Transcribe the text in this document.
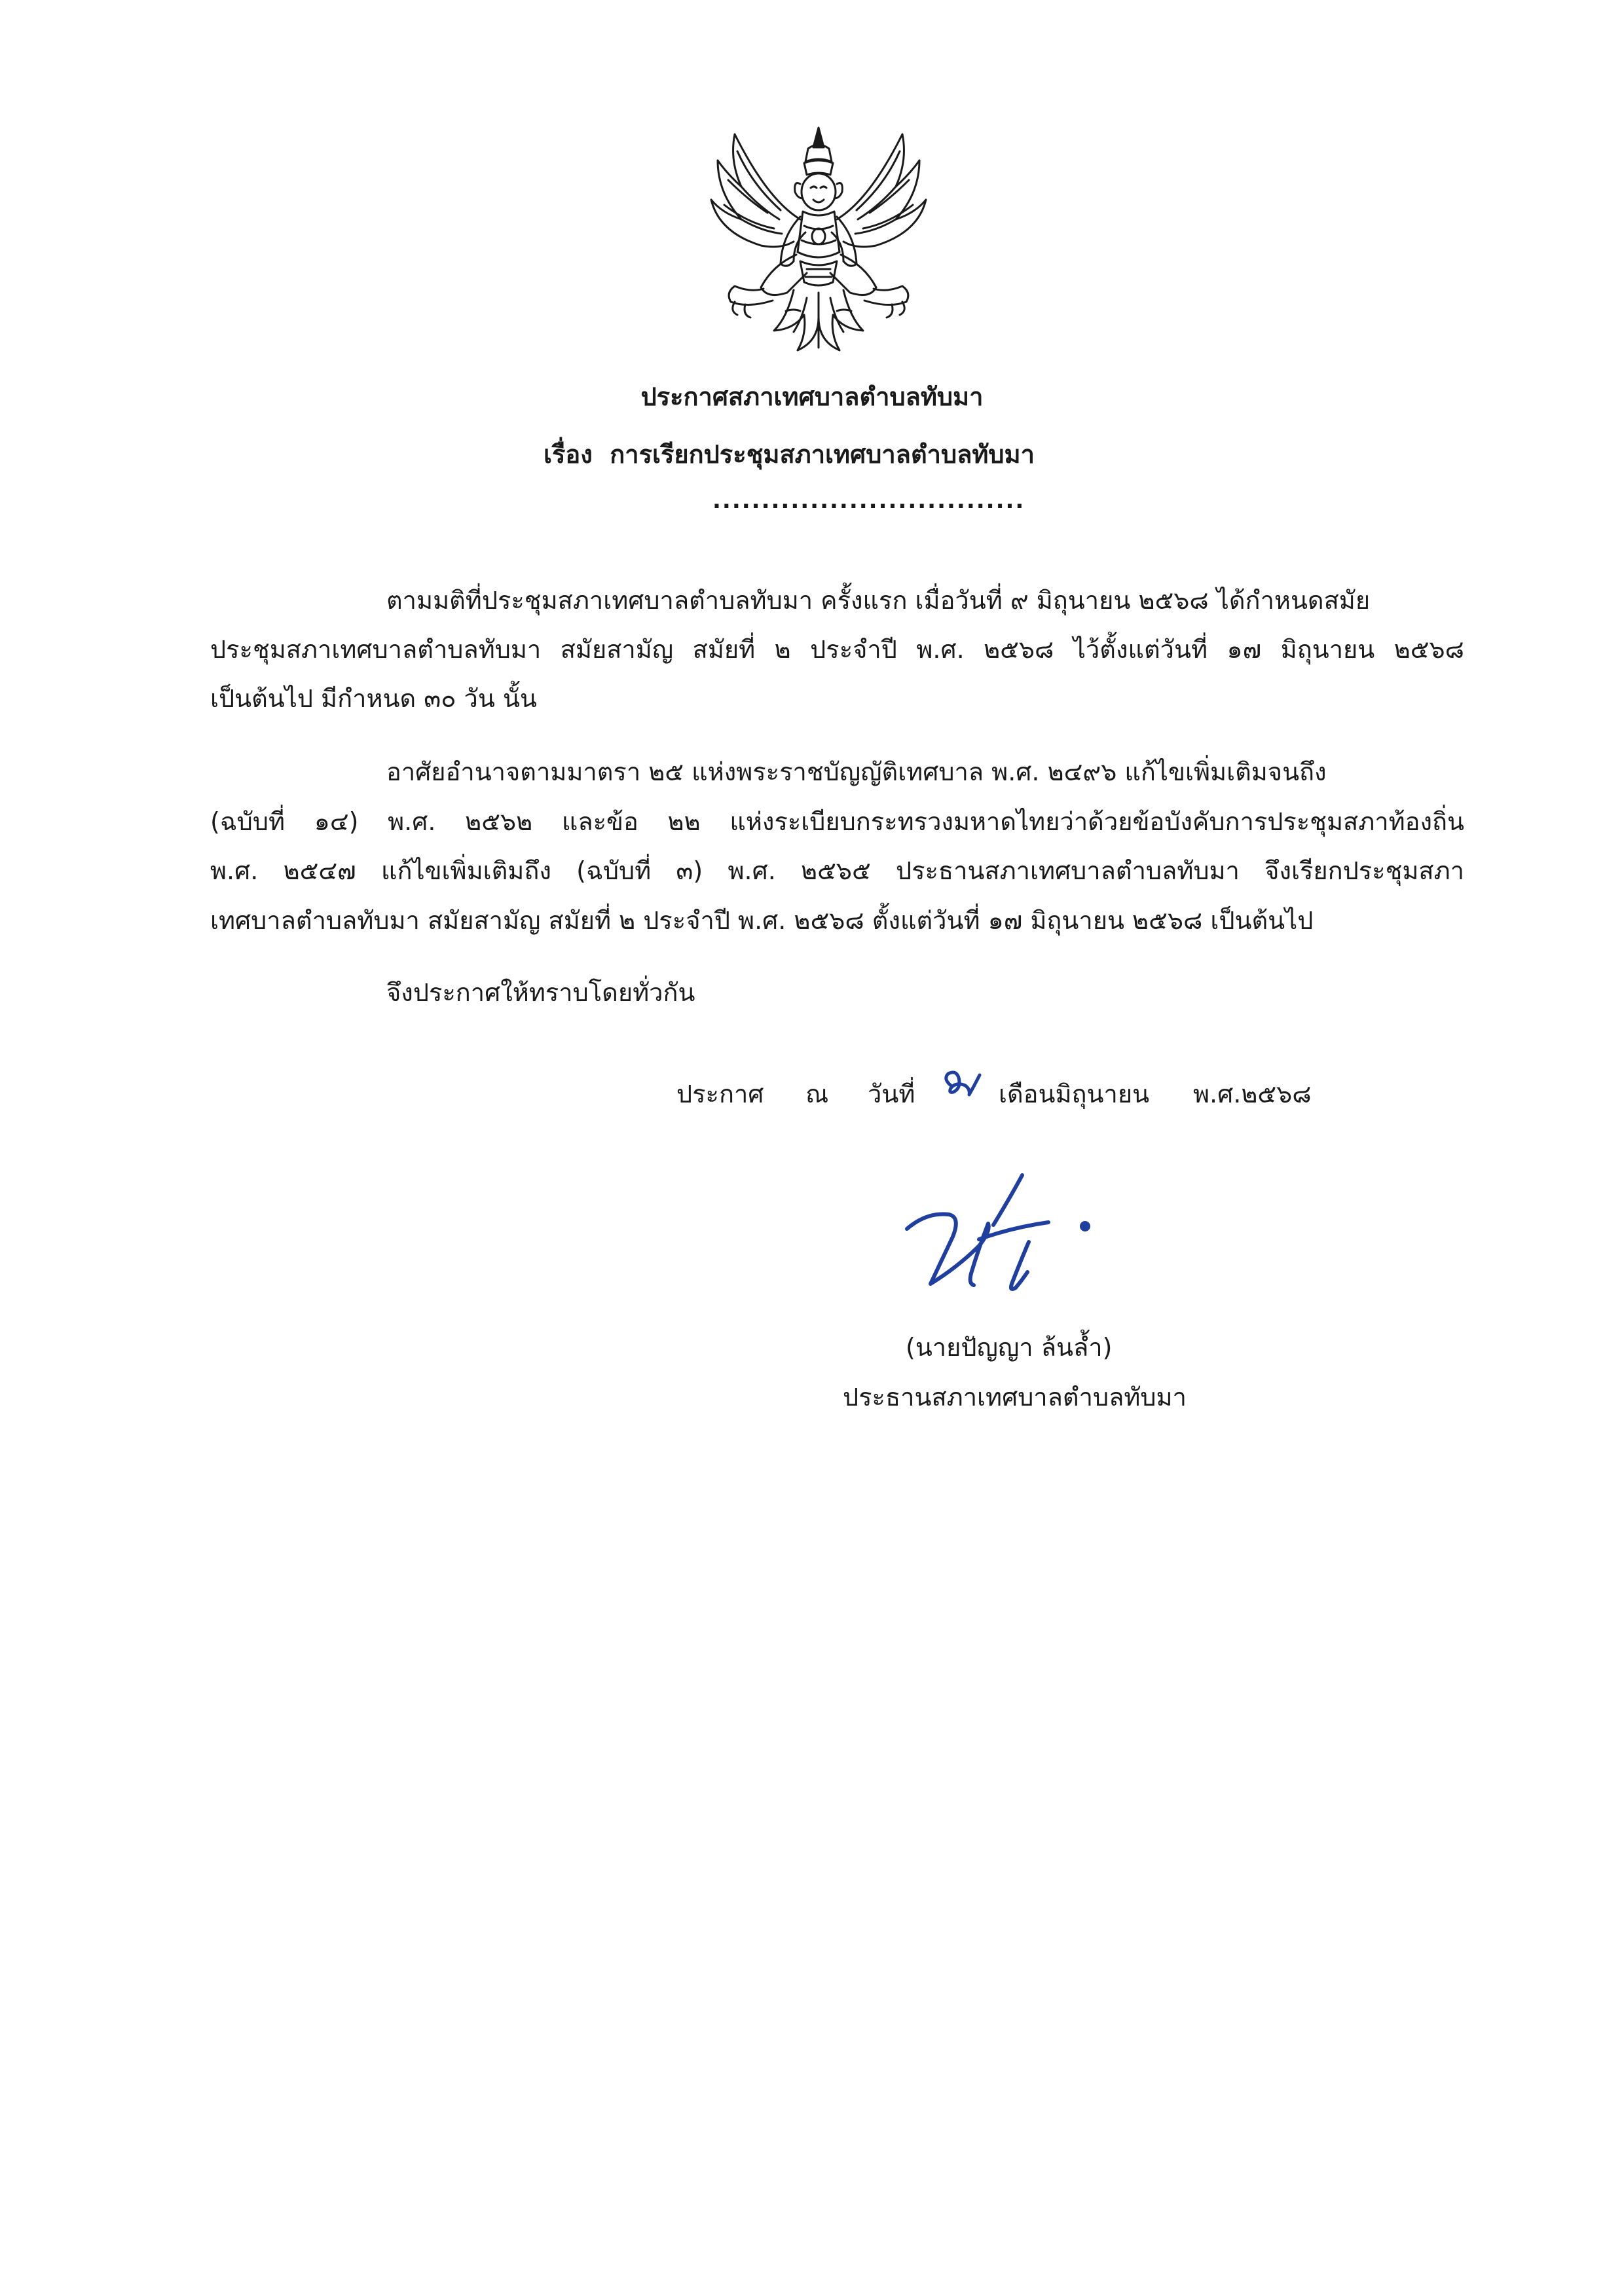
ประกาศสภาเทศบาลตำบลทับมา
เรื่อง การเรียกประชุมสภาเทศบาลตำบลทับมา
................................
ตามมติที่ประชุมสภาเทศบาลตำบลทับมา ครั้งแรก เมื่อวันที่ ๙ มิถุนายน ๒๕๖๘ ได้กำหนดสมัย
ประชุมสภาเทศบาลตำบลทับมา สมัยสามัญ สมัยที่ ๒ ประจำปี พ.ศ. ๒๕๖๘ ไว้ตั้งแต่วันที่ ๑๗ มิถุนายน ๒๕๖๘
เป็นต้นไป มีกำหนด ๓๐ วัน นั้น
อาศัยอำนาจตามมาตรา ๒๕ แห่งพระราชบัญญัติเทศบาล พ.ศ. ๒๔๙๖ แก้ไขเพิ่มเติมจนถึง
(ฉบับที่ ๑๔) พ.ศ. ๒๕๖๒ และข้อ ๒๒ แห่งระเบียบกระทรวงมหาดไทยว่าด้วยข้อบังคับการประชุมสภาท้องถิ่น
พ.ศ. ๒๕๔๗ แก้ไขเพิ่มเติมถึง (ฉบับที่ ๓) พ.ศ. ๒๕๖๕ ประธานสภาเทศบาลตำบลทับมา จึงเรียกประชุมสภา
เทศบาลตำบลทับมา สมัยสามัญ สมัยที่ ๒ ประจำปี พ.ศ. ๒๕๖๘ ตั้งแต่วันที่ ๑๗ มิถุนายน ๒๕๖๘ เป็นต้นไป
จึงประกาศให้ทราบโดยทั่วกัน
ประกาศ ณ วันที่	เดือนมิถุนายน พ.ศ.๒๕๖๘
(นายปัญญา ล้นล้ำ)
ประธานสภาเทศบาลตำบลทับมา
